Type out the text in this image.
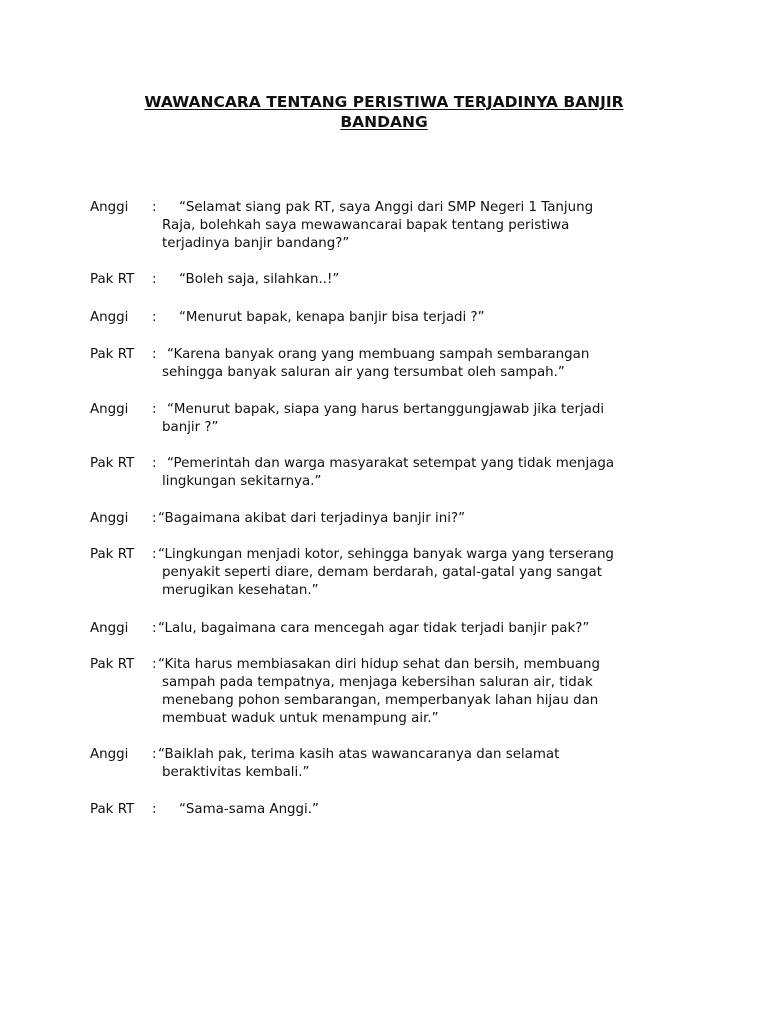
WAWANCARA TENTANG PERISTIWA TERJADINYA BANJIR
BANDANG
Anggi :	“Selamat siang pak RT, saya Anggi dari SMP Negeri 1 Tanjung
Raja, bolehkah saya mewawancarai bapak tentang peristiwa
terjadinya banjir bandang?”
Pak RT :	“Boleh saja, silahkan..!”
Anggi :	“Menurut bapak, kenapa banjir bisa terjadi ?”
Pak RT : “Karena banyak orang yang membuang sampah sembarangan
sehingga banyak saluran air yang tersumbat oleh sampah.”
Anggi : “Menurut bapak, siapa yang harus bertanggungjawab jika terjadi
banjir ?”
Pak RT : “Pemerintah dan warga masyarakat setempat yang tidak menjaga
lingkungan sekitarnya.”
Anggi : “Bagaimana akibat dari terjadinya banjir ini?”
Pak RT : “Lingkungan menjadi kotor, sehingga banyak warga yang terserang
penyakit seperti diare, demam berdarah, gatal-gatal yang sangat
merugikan kesehatan.”
Anggi : “Lalu, bagaimana cara mencegah agar tidak terjadi banjir pak?”
Pak RT : “Kita harus membiasakan diri hidup sehat dan bersih, membuang
sampah pada tempatnya, menjaga kebersihan saluran air, tidak
menebang pohon sembarangan, memperbanyak lahan hijau dan
membuat waduk untuk menampung air.”
Anggi : “Baiklah pak, terima kasih atas wawancaranya dan selamat
beraktivitas kembali.”
Pak RT :	“Sama-sama Anggi.”
